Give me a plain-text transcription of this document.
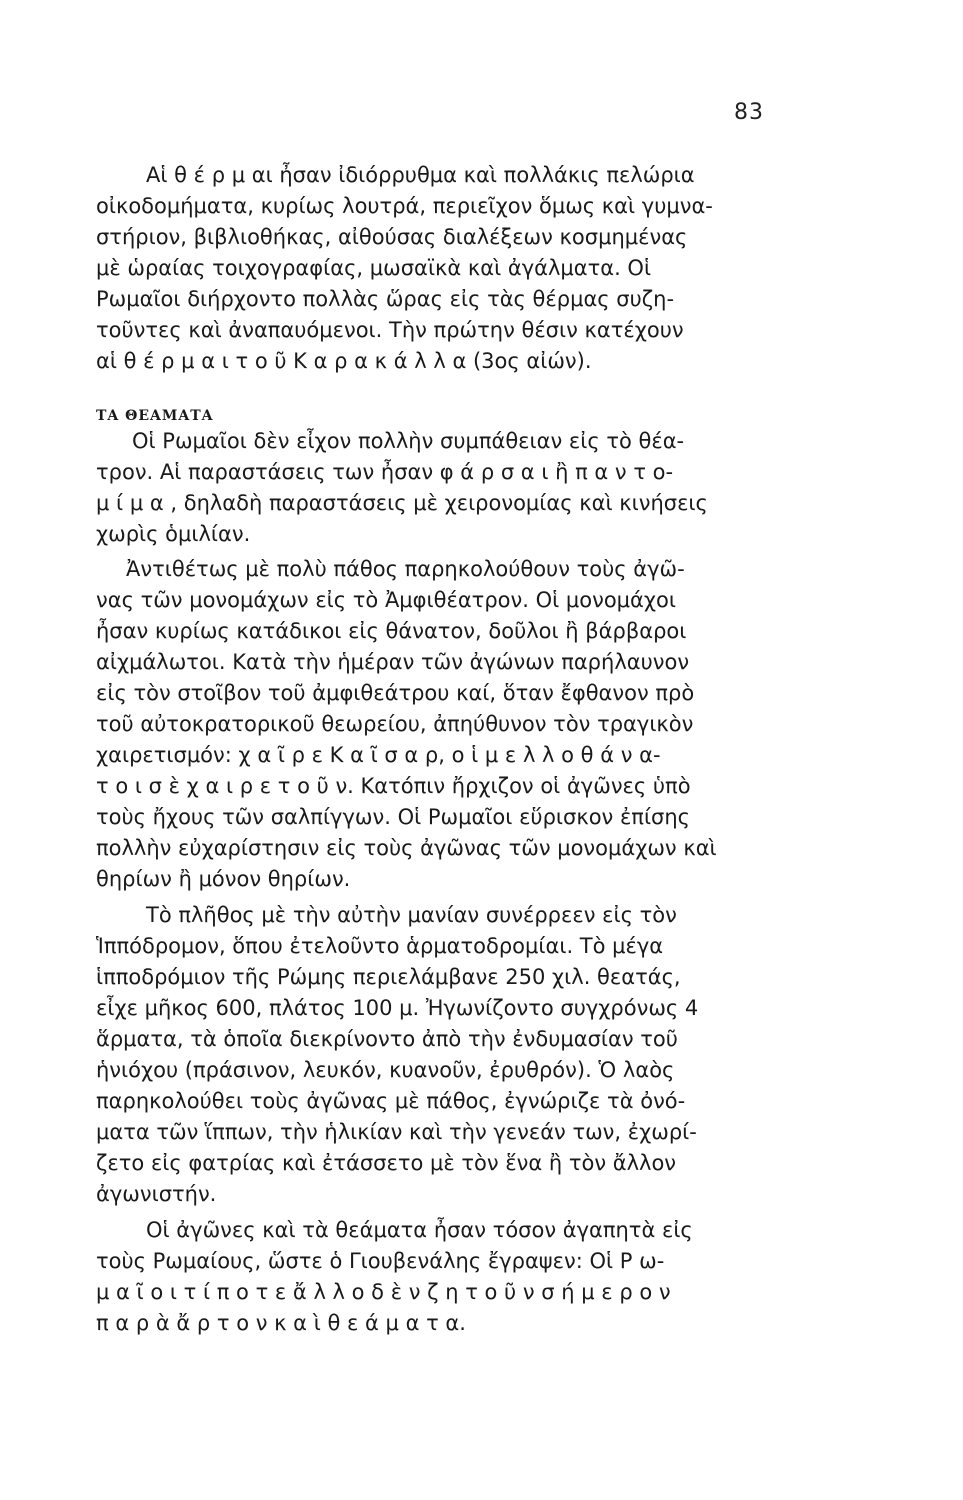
83
Αἱ θ έ ρ μ αι ἦσαν ἰδιόρρυθμα καὶ πολλάκις πελώρια
οἰκοδομήματα, κυρίως λουτρά, περιεῖχον ὅμως καὶ γυμνα-
στήριον, βιβλιοθήκας, αἰθούσας διαλέξεων κοσμημένας
μὲ ὡραίας τοιχογραφίας, μωσαϊκὰ καὶ ἀγάλματα. Οἱ
Ρωμαῖοι διήρχοντο πολλὰς ὥρας εἰς τὰς θέρμας συζη-
τοῦντες καὶ ἀναπαυόμενοι. Τὴν πρώτην θέσιν κατέχουν
αἱ θ έ ρ μ α ι τ ο ῦ Κ α ρ α κ ά λ λ α (3ος αἰών).
ΤΑ ΘΕΑΜΑΤΑ
Οἱ Ρωμαῖοι δὲν εἶχον πολλὴν συμπάθειαν εἰς τὸ θέα-
τρον. Αἱ παραστάσεις των ἦσαν φ ά ρ σ α ι ἢ π α ν τ ο-
μ ί μ α , δηλαδὴ παραστάσεις μὲ χειρονομίας καὶ κινήσεις
χωρὶς ὁμιλίαν.
Ἀντιθέτως μὲ πολὺ πάθος παρηκολούθουν τοὺς ἀγῶ-
νας τῶν μονομάχων εἰς τὸ Ἀμφιθέατρον. Οἱ μονομάχοι
ἦσαν κυρίως κατάδικοι εἰς θάνατον, δοῦλοι ἢ βάρβαροι
αἰχμάλωτοι. Κατὰ τὴν ἡμέραν τῶν ἀγώνων παρήλαυνον
εἰς τὸν στοῖβον τοῦ ἀμφιθεάτρου καί, ὅταν ἔφθανον πρὸ
τοῦ αὐτοκρατορικοῦ θεωρείου, ἀπηύθυνον τὸν τραγικὸν
χαιρετισμόν: χ α ῖ ρ ε Κ α ῖ σ α ρ, ο ἱ μ ε λ λ ο θ ά ν α-
τ ο ι σ ὲ χ α ι ρ ε τ ο ῦ ν. Κατόπιν ἤρχιζον οἱ ἀγῶνες ὑπὸ
τοὺς ἤχους τῶν σαλπίγγων. Οἱ Ρωμαῖοι εὕρισκον ἐπίσης
πολλὴν εὐχαρίστησιν εἰς τοὺς ἀγῶνας τῶν μονομάχων καὶ
θηρίων ἢ μόνον θηρίων.
Τὸ πλῆθος μὲ τὴν αὐτὴν μανίαν συνέρρεεν εἰς τὸν
Ἱππόδρομον, ὅπου ἐτελοῦντο ἁρματοδρομίαι. Τὸ μέγα
ἱπποδρόμιον τῆς Ρώμης περιελάμβανε 250 χιλ. θεατάς,
εἶχε μῆκος 600, πλάτος 100 μ. Ἠγωνίζοντο συγχρόνως 4
ἅρματα, τὰ ὁποῖα διεκρίνοντο ἀπὸ τὴν ἐνδυμασίαν τοῦ
ἡνιόχου (πράσινον, λευκόν, κυανοῦν, ἐρυθρόν). Ὁ λαὸς
παρηκολούθει τοὺς ἀγῶνας μὲ πάθος, ἐγνώριζε τὰ ὀνό-
ματα τῶν ἵππων, τὴν ἡλικίαν καὶ τὴν γενεάν των, ἐχωρί-
ζετο εἰς φατρίας καὶ ἐτάσσετο μὲ τὸν ἕνα ἢ τὸν ἄλλον
ἀγωνιστήν.
Οἱ ἀγῶνες καὶ τὰ θεάματα ἦσαν τόσον ἀγαπητὰ εἰς
τοὺς Ρωμαίους, ὥστε ὁ Γιουβενάλης ἔγραψεν: Οἱ Ρ ω-
μ α ῖ ο ι τ ί π ο τ ε ἄ λ λ ο δ ὲ ν ζ η τ ο ῦ ν σ ή μ ε ρ ο ν
π α ρ ὰ ἄ ρ τ ο ν κ α ὶ θ ε ά μ α τ α.
